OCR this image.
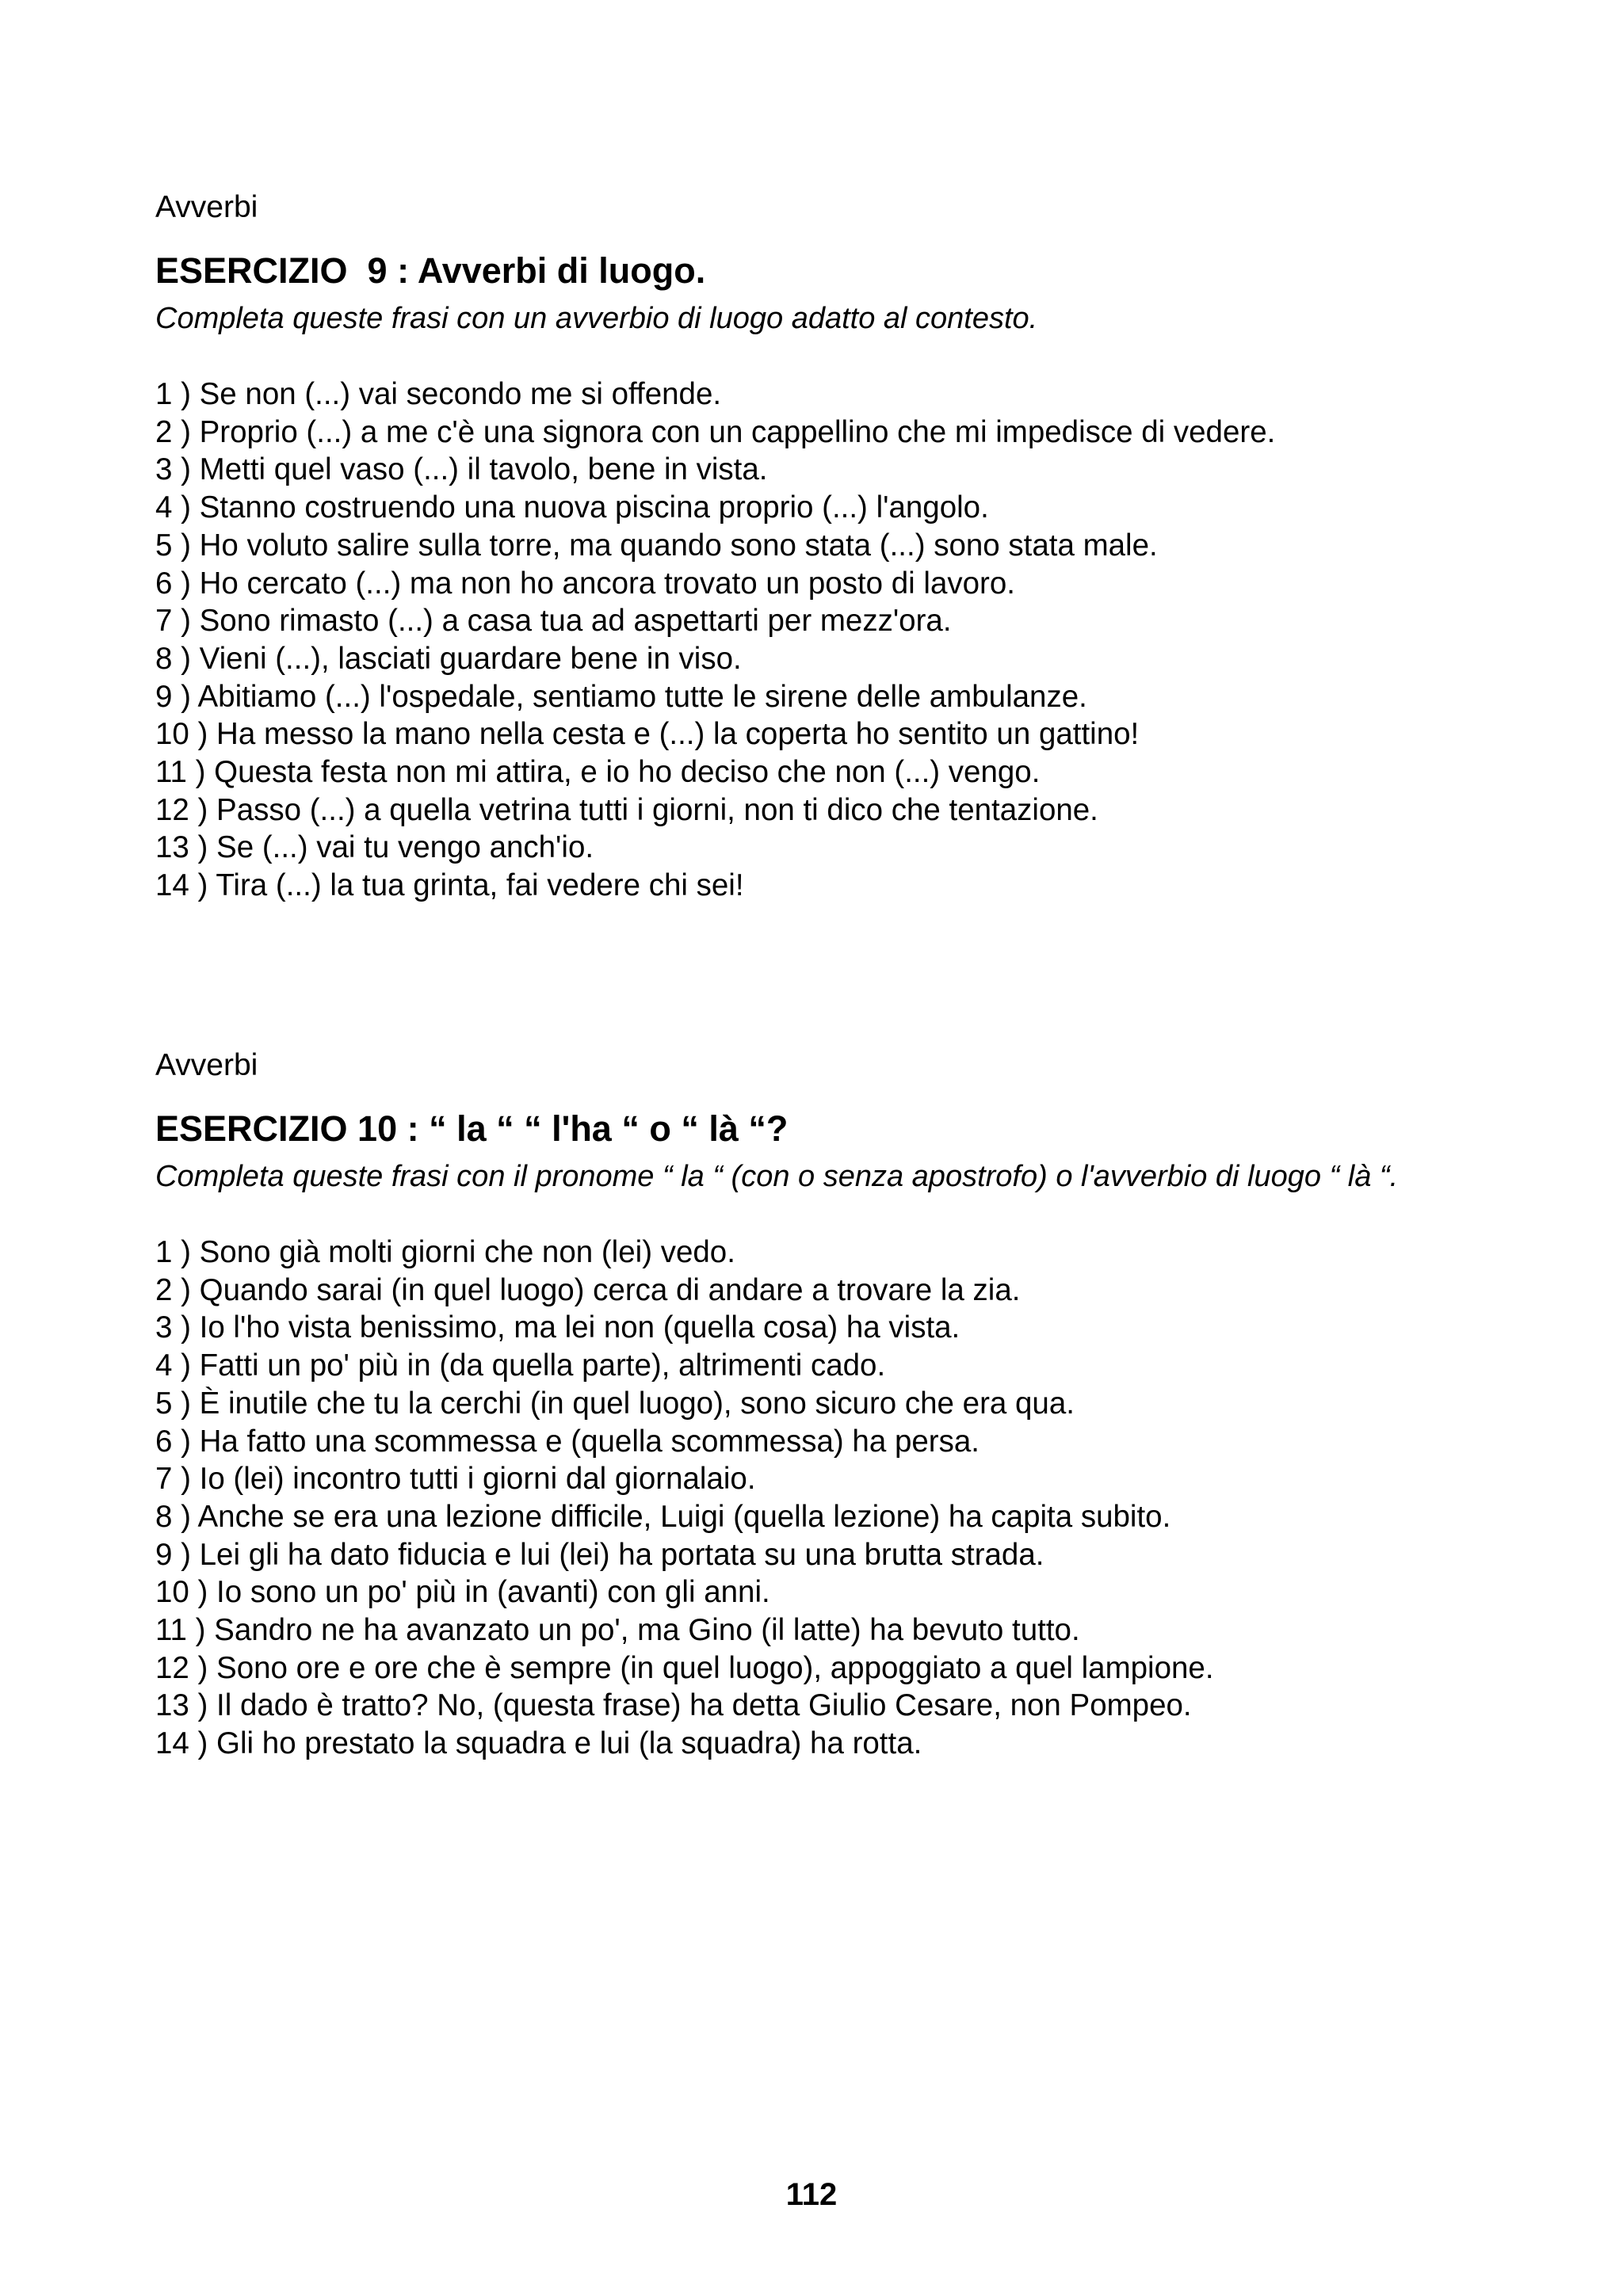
Avverbi

ESERCIZIO  9 : Avverbi di luogo.

Completa queste frasi con un avverbio di luogo adatto al contesto.

1 ) Se non (...) vai secondo me si offende.
2 ) Proprio (...) a me c'è una signora con un cappellino che mi impedisce di vedere.
3 ) Metti quel vaso (...) il tavolo, bene in vista.
4 ) Stanno costruendo una nuova piscina proprio (...) l'angolo.
5 ) Ho voluto salire sulla torre, ma quando sono stata (...) sono stata male.
6 ) Ho cercato (...) ma non ho ancora trovato un posto di lavoro.
7 ) Sono rimasto (...) a casa tua ad aspettarti per mezz'ora.
8 ) Vieni (...), lasciati guardare bene in viso.
9 ) Abitiamo (...) l'ospedale, sentiamo tutte le sirene delle ambulanze.
10 ) Ha messo la mano nella cesta e (...) la coperta ho sentito un gattino!
11 ) Questa festa non mi attira, e io ho deciso che non (...) vengo.
12 ) Passo (...) a quella vetrina tutti i giorni, non ti dico che tentazione.
13 ) Se (...) vai tu vengo anch'io.
14 ) Tira (...) la tua grinta, fai vedere chi sei!

Avverbi

ESERCIZIO 10 : “ la “ “ l'ha “ o “ là “?

Completa queste frasi con il pronome “ la “ (con o senza apostrofo) o l'avverbio di luogo “ là “.

1 ) Sono già molti giorni che non (lei) vedo.
2 ) Quando sarai (in quel luogo) cerca di andare a trovare la zia.
3 ) Io l'ho vista benissimo, ma lei non (quella cosa) ha vista.
4 ) Fatti un po' più in (da quella parte), altrimenti cado.
5 ) È inutile che tu la cerchi (in quel luogo), sono sicuro che era qua.
6 ) Ha fatto una scommessa e (quella scommessa) ha persa.
7 ) Io (lei) incontro tutti i giorni dal giornalaio.
8 ) Anche se era una lezione difficile, Luigi (quella lezione) ha capita subito.
9 ) Lei gli ha dato fiducia e lui (lei) ha portata su una brutta strada.
10 ) Io sono un po' più in (avanti) con gli anni.
11 ) Sandro ne ha avanzato un po', ma Gino (il latte) ha bevuto tutto.
12 ) Sono ore e ore che è sempre (in quel luogo), appoggiato a quel lampione.
13 ) Il dado è tratto? No, (questa frase) ha detta Giulio Cesare, non Pompeo.
14 ) Gli ho prestato la squadra e lui (la squadra) ha rotta.
112
